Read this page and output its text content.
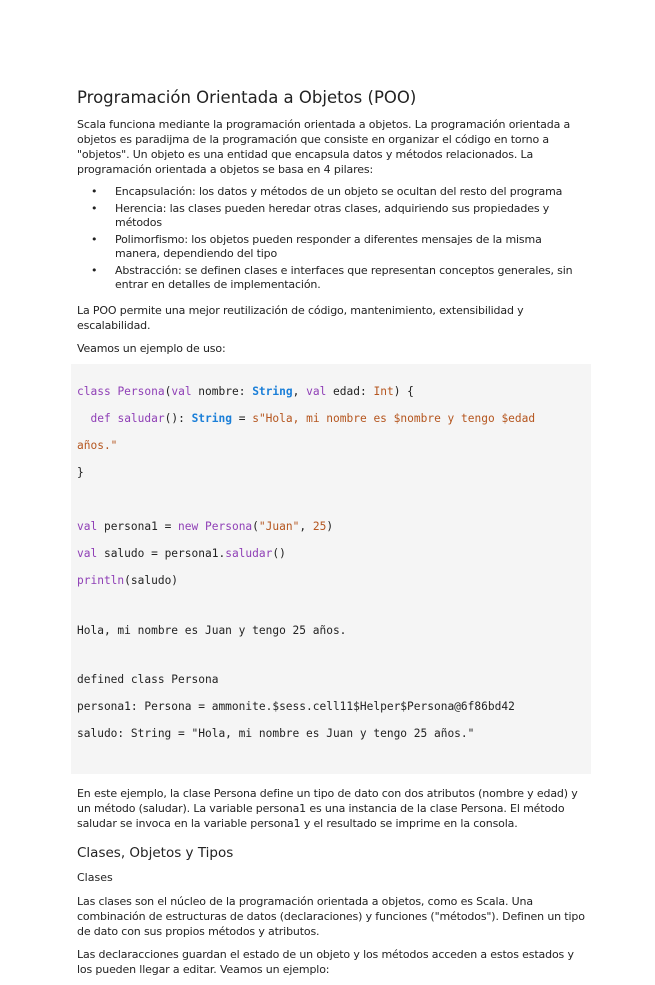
Programación Orientada a Objetos (POO)

Scala funciona mediante la programación orientada a objetos. La programación orientada a objetos es paradijma de la programación que consiste en organizar el código en torno a "objetos". Un objeto es una entidad que encapsula datos y métodos relacionados. La programación orientada a objetos se basa en 4 pilares:

• Encapsulación: los datos y métodos de un objeto se ocultan del resto del programa
• Herencia: las clases pueden heredar otras clases, adquiriendo sus propiedades y métodos
• Polimorfismo: los objetos pueden responder a diferentes mensajes de la misma manera, dependiendo del tipo
• Abstracción: se definen clases e interfaces que representan conceptos generales, sin entrar en detalles de implementación.

La POO permite una mejor reutilización de código, mantenimiento, extensibilidad y escalabilidad.

Veamos un ejemplo de uso:

class Persona(val nombre: String, val edad: Int) {

def saludar(): String = s"Hola, mi nombre es $nombre y tengo $edad

años."

}

val persona1 = new Persona("Juan", 25)

val saludo = persona1.saludar()

println(saludo)

Hola, mi nombre es Juan y tengo 25 años.

defined class Persona

persona1: Persona = ammonite.$sess.cell11$Helper$Persona@6f86bd42

saludo: String = "Hola, mi nombre es Juan y tengo 25 años."

En este ejemplo, la clase Persona define un tipo de dato con dos atributos (nombre y edad) y un método (saludar). La variable persona1 es una instancia de la clase Persona. El método saludar se invoca en la variable persona1 y el resultado se imprime en la consola.

Clases, Objetos y Tipos
Clases

Las clases son el núcleo de la programación orientada a objetos, como es Scala. Una combinación de estructuras de datos (declaraciones) y funciones ("métodos"). Definen un tipo de dato con sus propios métodos y atributos.

Las declaracciones guardan el estado de un objeto y los métodos acceden a estos estados y los pueden llegar a editar. Veamos un ejemplo:
